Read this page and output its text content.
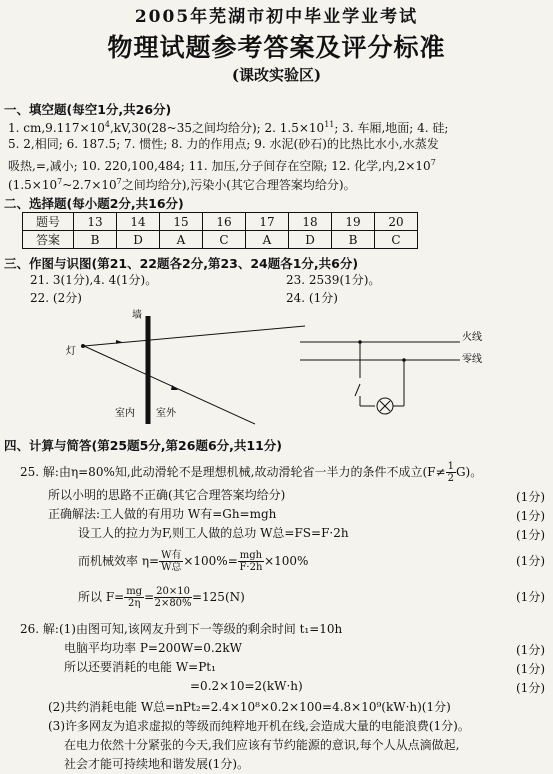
2005年芜湖市初中毕业学业考试
物理试题参考答案及评分标准
(课改实验区)
一、填空题(每空1分,共26分)
1. $cm,9.117\times 10^4,kV,30(28\sim 35$之间均给分); 2. $1.5\times 10^{11}$; 3. 车厢,地面; 4. 硅;
5. 2,相同; 6. 187.5; 7. 惯性; 8. 力的作用点; 9. 水泥(砂石)的比热比水小,水蒸发
吸热,=,减小; 10. 220,100,484; 11. 加压,分子间存在空隙; 12. 化学,内$,2\times 10^7$
($1.5\times 10^7\sim 2.7\times 10^7$之间均给分),污染小(其它合理答案均给分)。
二、选择题(每小题2分,共16分)
题号	13	14	15	16	17	18	19	20
答案	B	D	A	C	A	D	B	C
三、作图与识图(第21、22题各2分,第23、24题各1分,共6分)
21. 3(1分),4. 4(1分)。	23. 2539(1分)。
22. (2分)	24. (1分)
墙
灯
室内 室外
火线
零线
四、计算与简答(第25题5分,第26题6分,共11分)
25. 解:由η=80%知,此动滑轮不是理想机械,故动滑轮省一半力的条件不成立$(F\ne \frac{1}{2} G)$。
所以小明的思路不正确(其它合理答案均给分)	(1分)
正确解法:工人做的有用功 W有=Gh=mgh	(1分)
设工人的拉力为F,则工人做的总功 W总=FS=F·2h	(1分)
而机械效率 $\eta= \frac{\text{W有}}{\text{W总}} \times 100\%= \frac{\text{mgh}}{F\cdot 2h} \times 100\%$	(1分)
所以 $F= \frac{mg}{2\eta} = \frac{20\times 10}{2\times 80\%} =125(N)$	(1分)
26. 解:(1)由图可知,该网友升到下一等级的剩余时间 t₁=10h
电脑平均功率 P=200W=0.2kW	(1分)
所以还要消耗的电能 W=Pt₁	(1分)
=0.2×10=2(kW·h)	(1分)
(2)共约消耗电能 W总=nPt₂=2.4×10⁸×0.2×100=4.8×10⁹(kW·h)(1分)
(3)许多网友为追求虚拟的等级而纯粹地开机在线,会造成大量的电能浪费(1分)。
在电力依然十分紧张的今天,我们应该有节约能源的意识,每个人从点滴做起,
社会才能可持续地和谐发展(1分)。
